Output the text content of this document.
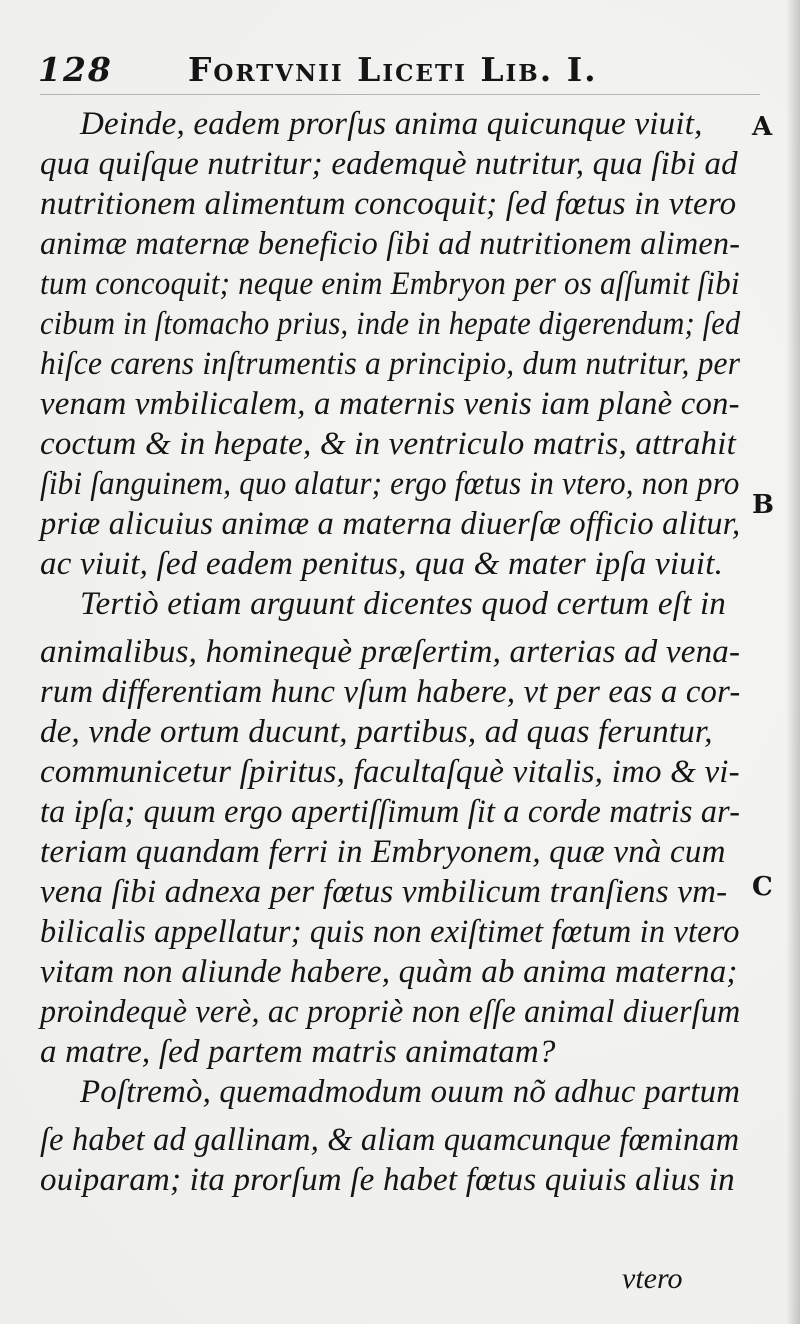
128 Fortvnii Liceti Lib. I.
Deinde, eadem prorſus anima quicunque viuit,
qua quiſque nutritur; eademquè nutritur, qua ſibi ad
nutritionem alimentum concoquit; ſed fœtus in vtero
animæ maternæ beneficio ſibi ad nutritionem alimen-
tum concoquit; neque enim Embryon per os aſſumit ſibi
cibum in ſtomacho prius, inde in hepate digerendum; ſed
hiſce carens inſtrumentis a principio, dum nutritur, per
venam vmbilicalem, a maternis venis iam planè con-
coctum & in hepate, & in ventriculo matris, attrahit
ſibi ſanguinem, quo alatur; ergo fœtus in vtero, non pro
priæ alicuius animæ a materna diuerſæ officio alitur,
ac viuit, ſed eadem penitus, qua & mater ipſa viuit.
Tertiò etiam arguunt dicentes quod certum eſt in
animalibus, hominequè præſertim, arterias ad vena-
rum differentiam hunc vſum habere, vt per eas a cor-
de, vnde ortum ducunt, partibus, ad quas feruntur,
communicetur ſpiritus, facultaſquè vitalis, imo & vi-
ta ipſa; quum ergo apertiſſimum ſit a corde matris ar-
teriam quandam ferri in Embryonem, quæ vnà cum
vena ſibi adnexa per fœtus vmbilicum tranſiens vm-
bilicalis appellatur; quis non exiſtimet fœtum in vtero
vitam non aliunde habere, quàm ab anima materna;
proindequè verè, ac propriè non eſſe animal diuerſum
a matre, ſed partem matris animatam?
Poſtremò, quemadmodum ouum nõ adhuc partum
ſe habet ad gallinam, & aliam quamcunque fœminam
ouiparam; ita prorſum ſe habet fœtus quiuis alius in
A
B
C
vtero
